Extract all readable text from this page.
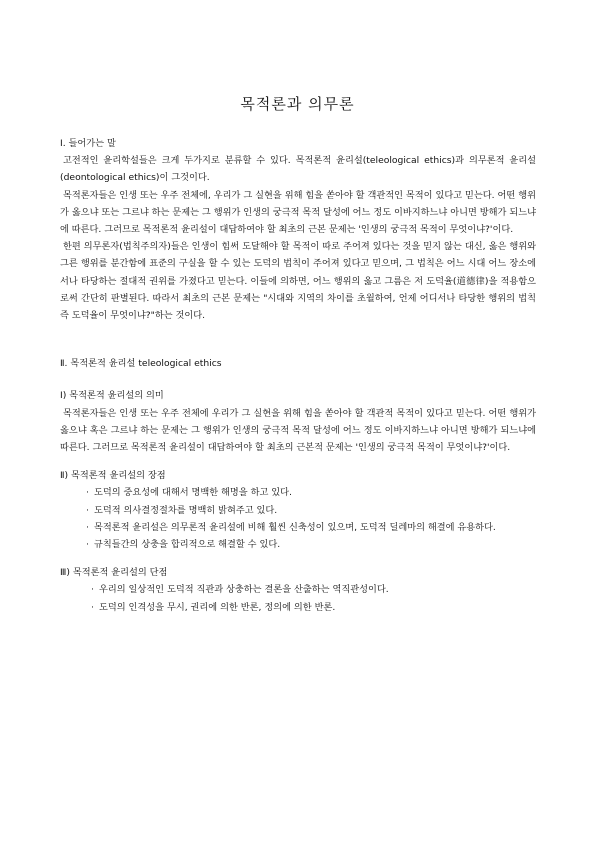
목적론과 의무론

Ⅰ. 들어가는 말

고전적인 윤리학설들은 크게 두가지로 분류할 수 있다. 목적론적 윤리설(teleological ethics)과 의무론적 윤리설(deontological ethics)이 그것이다.

목적론자들은 인생 또는 우주 전체에, 우리가 그 실현을 위해 힘을 쏟아야 할 객관적인 목적이 있다고 믿는다. 어떤 행위가 옳으냐 또는 그르냐 하는 문제는 그 행위가 인생의 궁극적 목적 달성에 어느 정도 이바지하느냐 아니면 방해가 되느냐에 따른다. 그러므로 목적론적 윤리설이 대답하여야 할 최초의 근본 문제는 '인생의 궁극적 목적이 무엇이냐?'이다.

한편 의무론자(법칙주의자)들은 인생이 힘써 도달해야 할 목적이 따로 주어져 있다는 것을 믿지 않는 대신, 옳은 행위와 그른 행위를 분간함에 표준의 구실을 할 수 있는 도덕의 법칙이 주어져 있다고 믿으며, 그 법칙은 어느 시대 어느 장소에서나 타당하는 절대적 권위를 가졌다고 믿는다. 이들에 의하면, 어느 행위의 옳고 그름은 저 도덕율(道德律)을 적용함으로써 간단히 판별된다. 따라서 최초의 근본 문제는 "시대와 지역의 차이를 초월하여, 언제 어디서나 타당한 행위의 법칙 즉 도덕율이 무엇이냐?"하는 것이다.

Ⅱ. 목적론적 윤리설 teleological ethics

Ⅰ) 목적론적 윤리설의 의미

목적론자들은 인생 또는 우주 전체에 우리가 그 실현을 위해 힘을 쏟아야 할 객관적 목적이 있다고 믿는다. 어떤 행위가 옳으냐 혹은 그르냐 하는 문제는 그 행위가 인생의 궁극적 목적 달성에 어느 정도 이바지하느냐 아니면 방해가 되느냐에 따른다. 그러므로 목적론적 윤리설이 대답하여야 할 최초의 근본적 문제는 '인생의 궁극적 목적이 무엇이냐?'이다.

Ⅱ) 목적론적 윤리설의 장점

· 도덕의 중요성에 대해서 명백한 해명을 하고 있다.
· 도덕적 의사결정절차를 명백히 밝혀주고 있다.
· 목적론적 윤리설은 의무론적 윤리설에 비해 훨씬 신축성이 있으며, 도덕적 딜레마의 해결에 유용하다.
· 규칙들간의 상충을 합리적으로 해결할 수 있다.

Ⅲ) 목적론적 윤리설의 단점

· 우리의 일상적인 도덕적 직관과 상충하는 결론을 산출하는 역직관성이다.
· 도덕의 인격성을 무시, 권리에 의한 반론, 정의에 의한 반론.
